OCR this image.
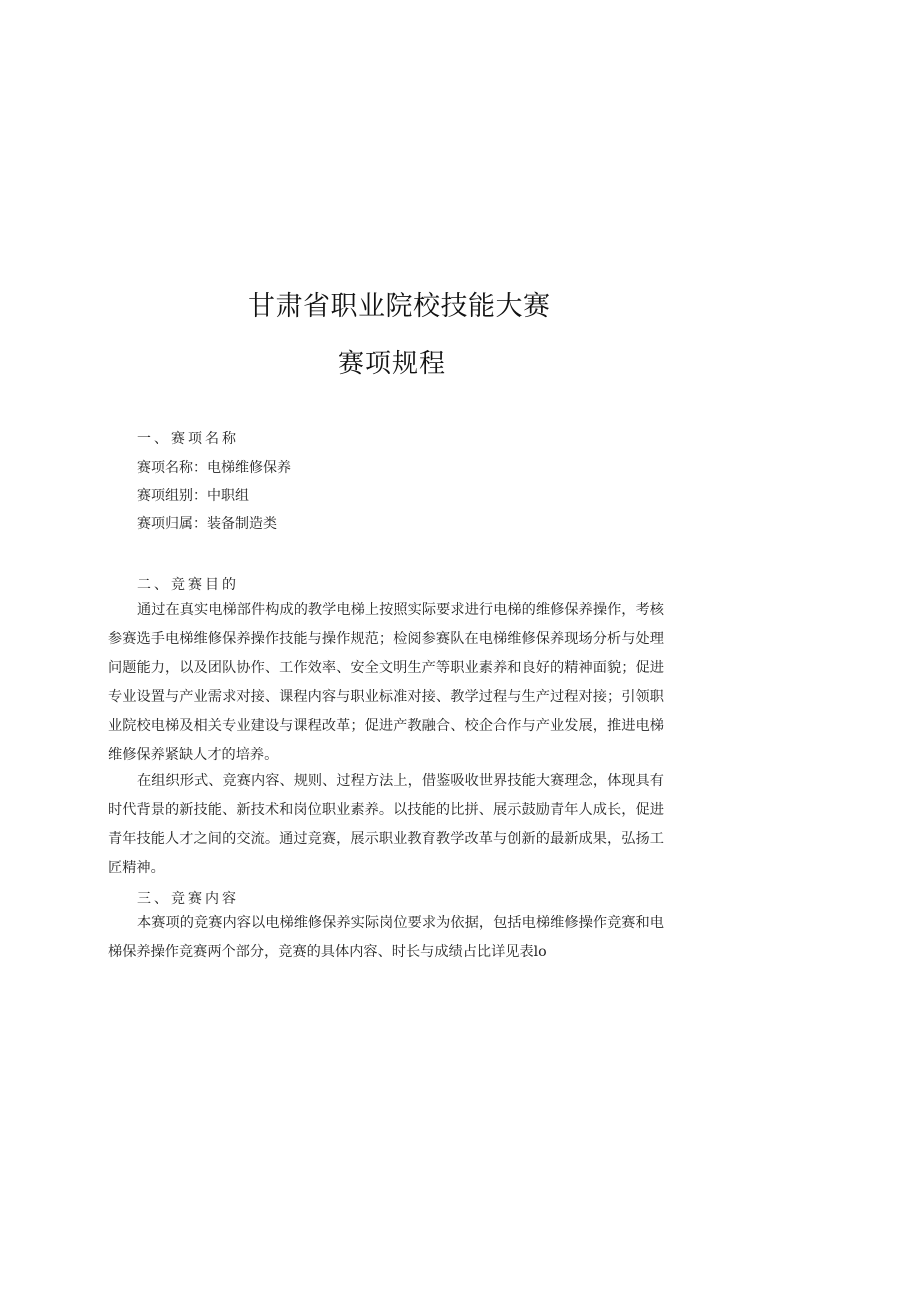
甘肃省职业院校技能大赛
赛项规程
一、赛项名称
赛项名称：电梯维修保养
赛项组别：中职组
赛项归属：装备制造类
二、竞赛目的

通过在真实电梯部件构成的教学电梯上按照实际要求进行电梯的维修保养操作，考核参赛选手电梯维修保养操作技能与操作规范；检阅参赛队在电梯维修保养现场分析与处理问题能力，以及团队协作、工作效率、安全文明生产等职业素养和良好的精神面貌；促进专业设置与产业需求对接、课程内容与职业标准对接、教学过程与生产过程对接；引领职业院校电梯及相关专业建设与课程改革；促进产教融合、校企合作与产业发展，推进电梯维修保养紧缺人才的培养。

在组织形式、竞赛内容、规则、过程方法上，借鉴吸收世界技能大赛理念，体现具有时代背景的新技能、新技术和岗位职业素养。以技能的比拼、展示鼓励青年人成长，促进青年技能人才之间的交流。通过竞赛，展示职业教育教学改革与创新的最新成果，弘扬工匠精神。

三、竞赛内容

本赛项的竞赛内容以电梯维修保养实际岗位要求为依据，包括电梯维修操作竞赛和电梯保养操作竞赛两个部分，竞赛的具体内容、时长与成绩占比详见表lo
